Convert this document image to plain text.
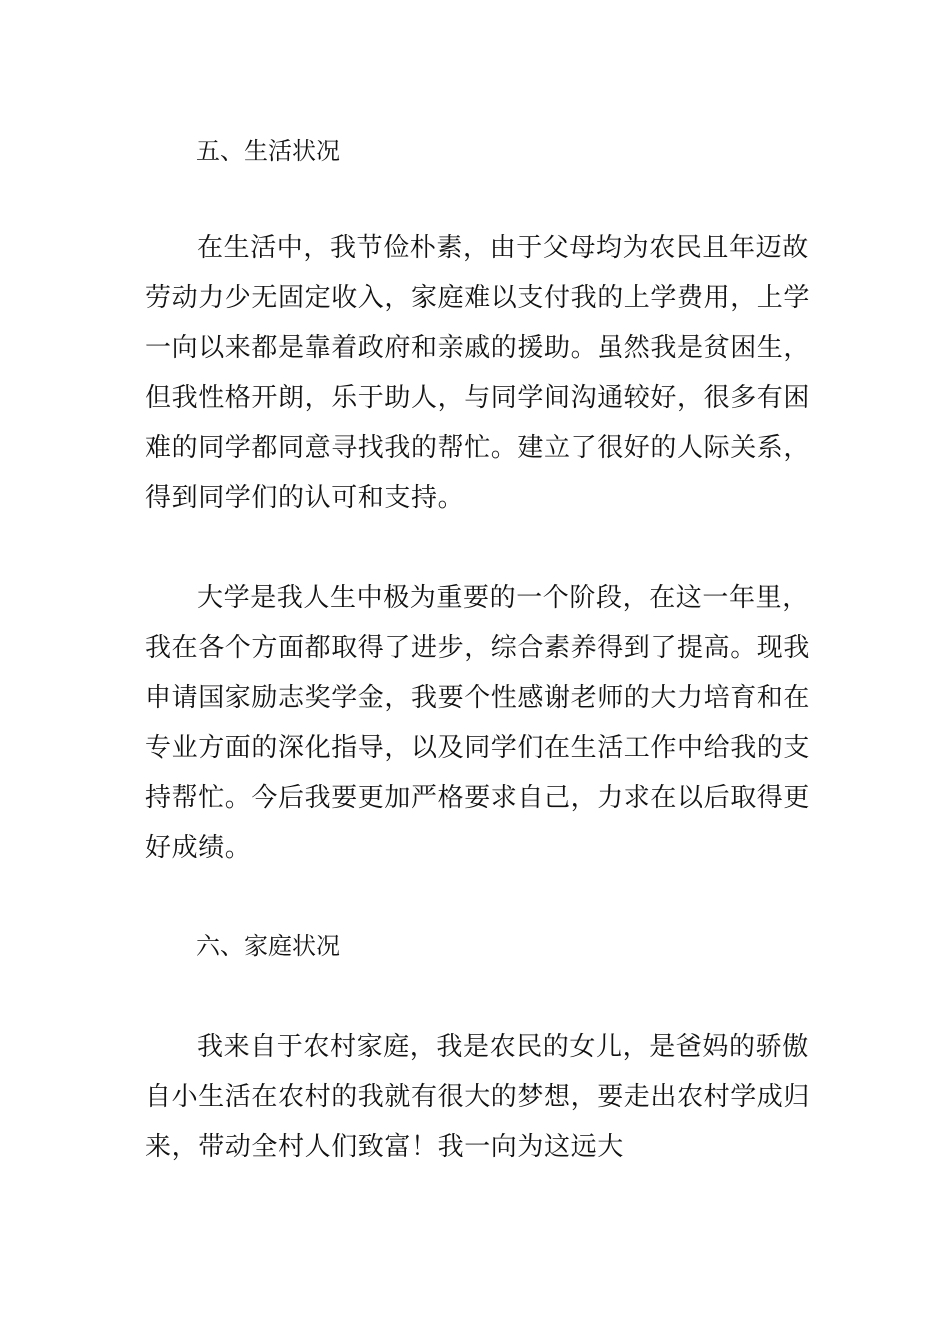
五、生活状况

在生活中，我节俭朴素，由于父母均为农民且年迈故
劳动力少无固定收入，家庭难以支付我的上学费用，上学
一向以来都是靠着政府和亲戚的援助。虽然我是贫困生，
但我性格开朗，乐于助人，与同学间沟通较好，很多有困
难的同学都同意寻找我的帮忙。建立了很好的人际关系，
得到同学们的认可和支持。

大学是我人生中极为重要的一个阶段，在这一年里，
我在各个方面都取得了进步，综合素养得到了提高。现我
申请国家励志奖学金，我要个性感谢老师的大力培育和在
专业方面的深化指导，以及同学们在生活工作中给我的支
持帮忙。今后我要更加严格要求自己，力求在以后取得更
好成绩。

六、家庭状况

我来自于农村家庭，我是农民的女儿，是爸妈的骄傲
自小生活在农村的我就有很大的梦想，要走出农村学成归
来，带动全村人们致富！我一向为这远大
